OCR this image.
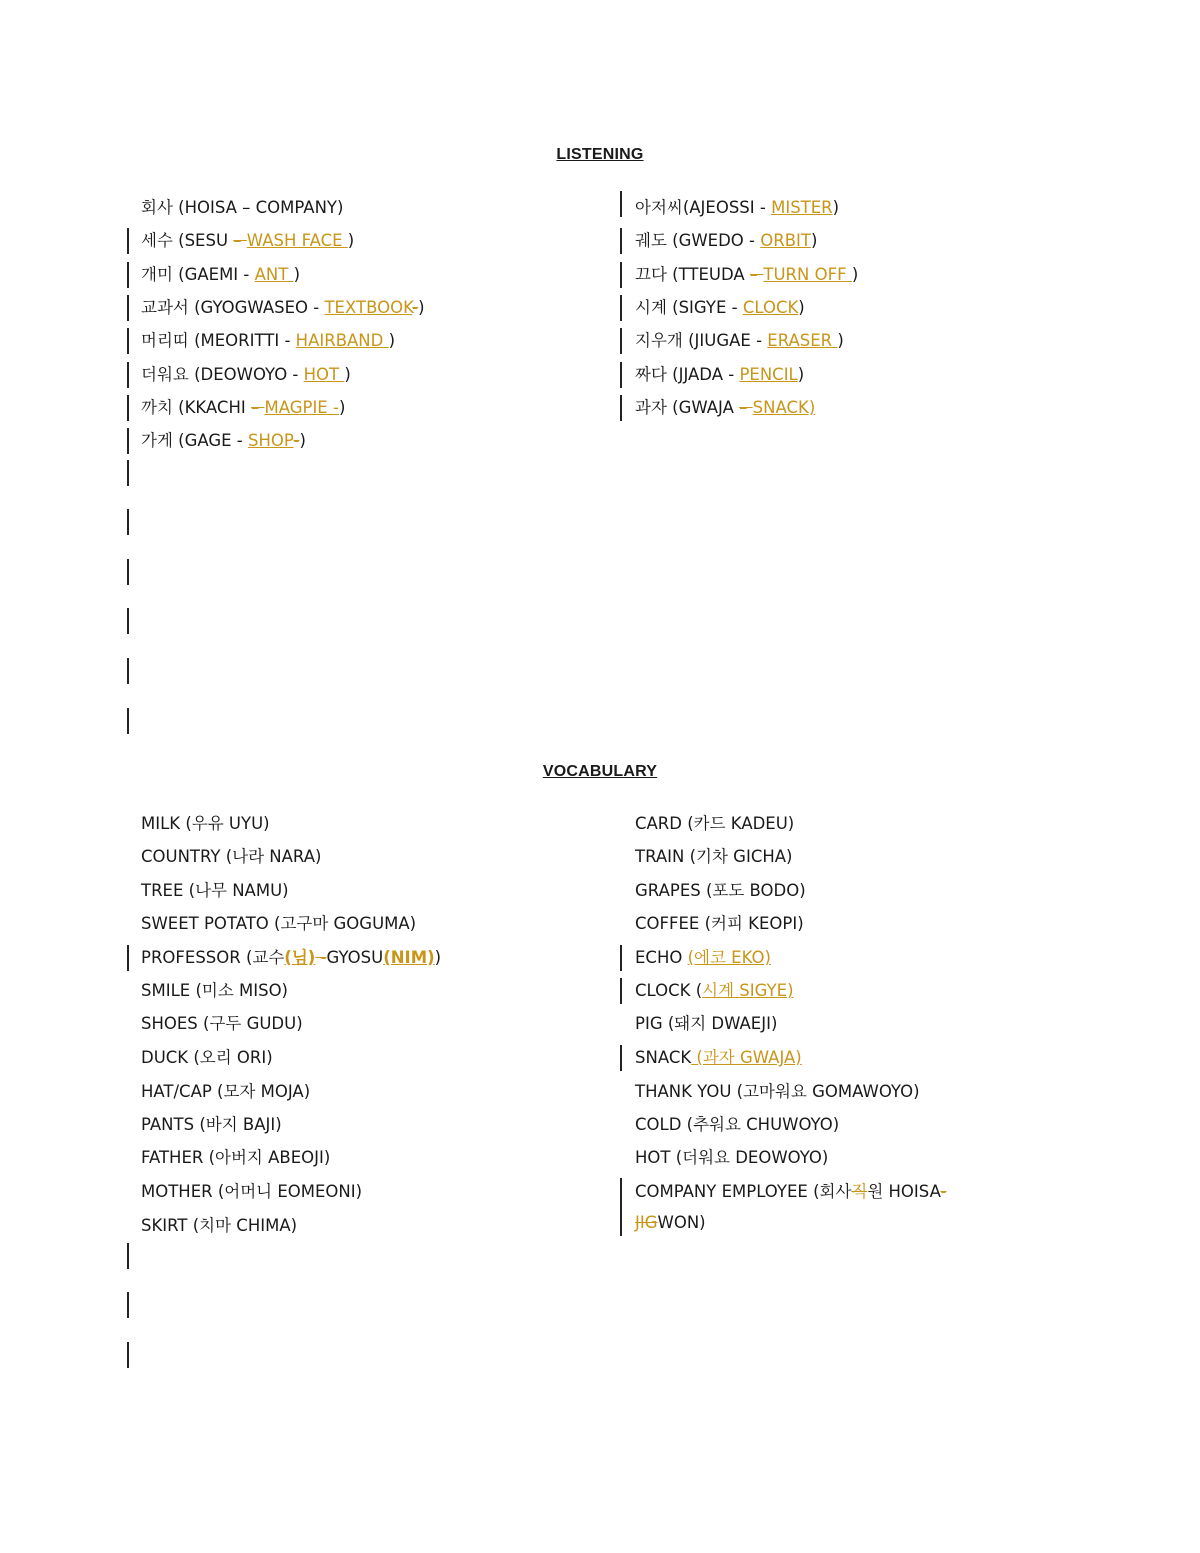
LISTENING
회사 (HOISA – COMPANY)
세수 (SESU – WASH FACE )
개미 (GAEMI - ANT )
교과서 (GYOGWASEO - TEXTBOOK-)
머리띠 (MEORITTI - HAIRBAND )
더워요 (DEOWOYO - HOT )
까치 (KKACHI – MAGPIE -)
가게 (GAGE - SHOP-)
아저씨(AJEOSSI - MISTER)
궤도 (GWEDO - ORBIT)
끄다 (TTEUDA – TURN OFF )
시계 (SIGYE - CLOCK)
지우개 (JIUGAE - ERASER )
짜다 (JJADA - PENCIL)
과자 (GWAJA – SNACK)
VOCABULARY
MILK (우유 UYU)
COUNTRY (나라 NARA)
TREE (나무 NAMU)
SWEET POTATO (고구마 GOGUMA)
PROFESSOR (교수(님) -GYOSU(NIM))
SMILE (미소 MISO)
SHOES (구두 GUDU)
DUCK (오리 ORI)
HAT/CAP (모자 MOJA)
PANTS (바지 BAJI)
FATHER (아버지 ABEOJI)
MOTHER (어머니 EOMEONI)
SKIRT (치마 CHIMA)
CARD (카드 KADEU)
TRAIN (기차 GICHA)
GRAPES (포도 BODO)
COFFEE (커피 KEOPI)
ECHO (에코 EKO)
CLOCK (시계 SIGYE)
PIG (돼지 DWAEJI)
SNACK (과자 GWAJA)
THANK YOU (고마워요 GOMAWOYO)
COLD (추워요 CHUWOYO)
HOT (더워요 DEOWOYO)
COMPANY EMPLOYEE (회사직원 HOISA-
JIGWON)
